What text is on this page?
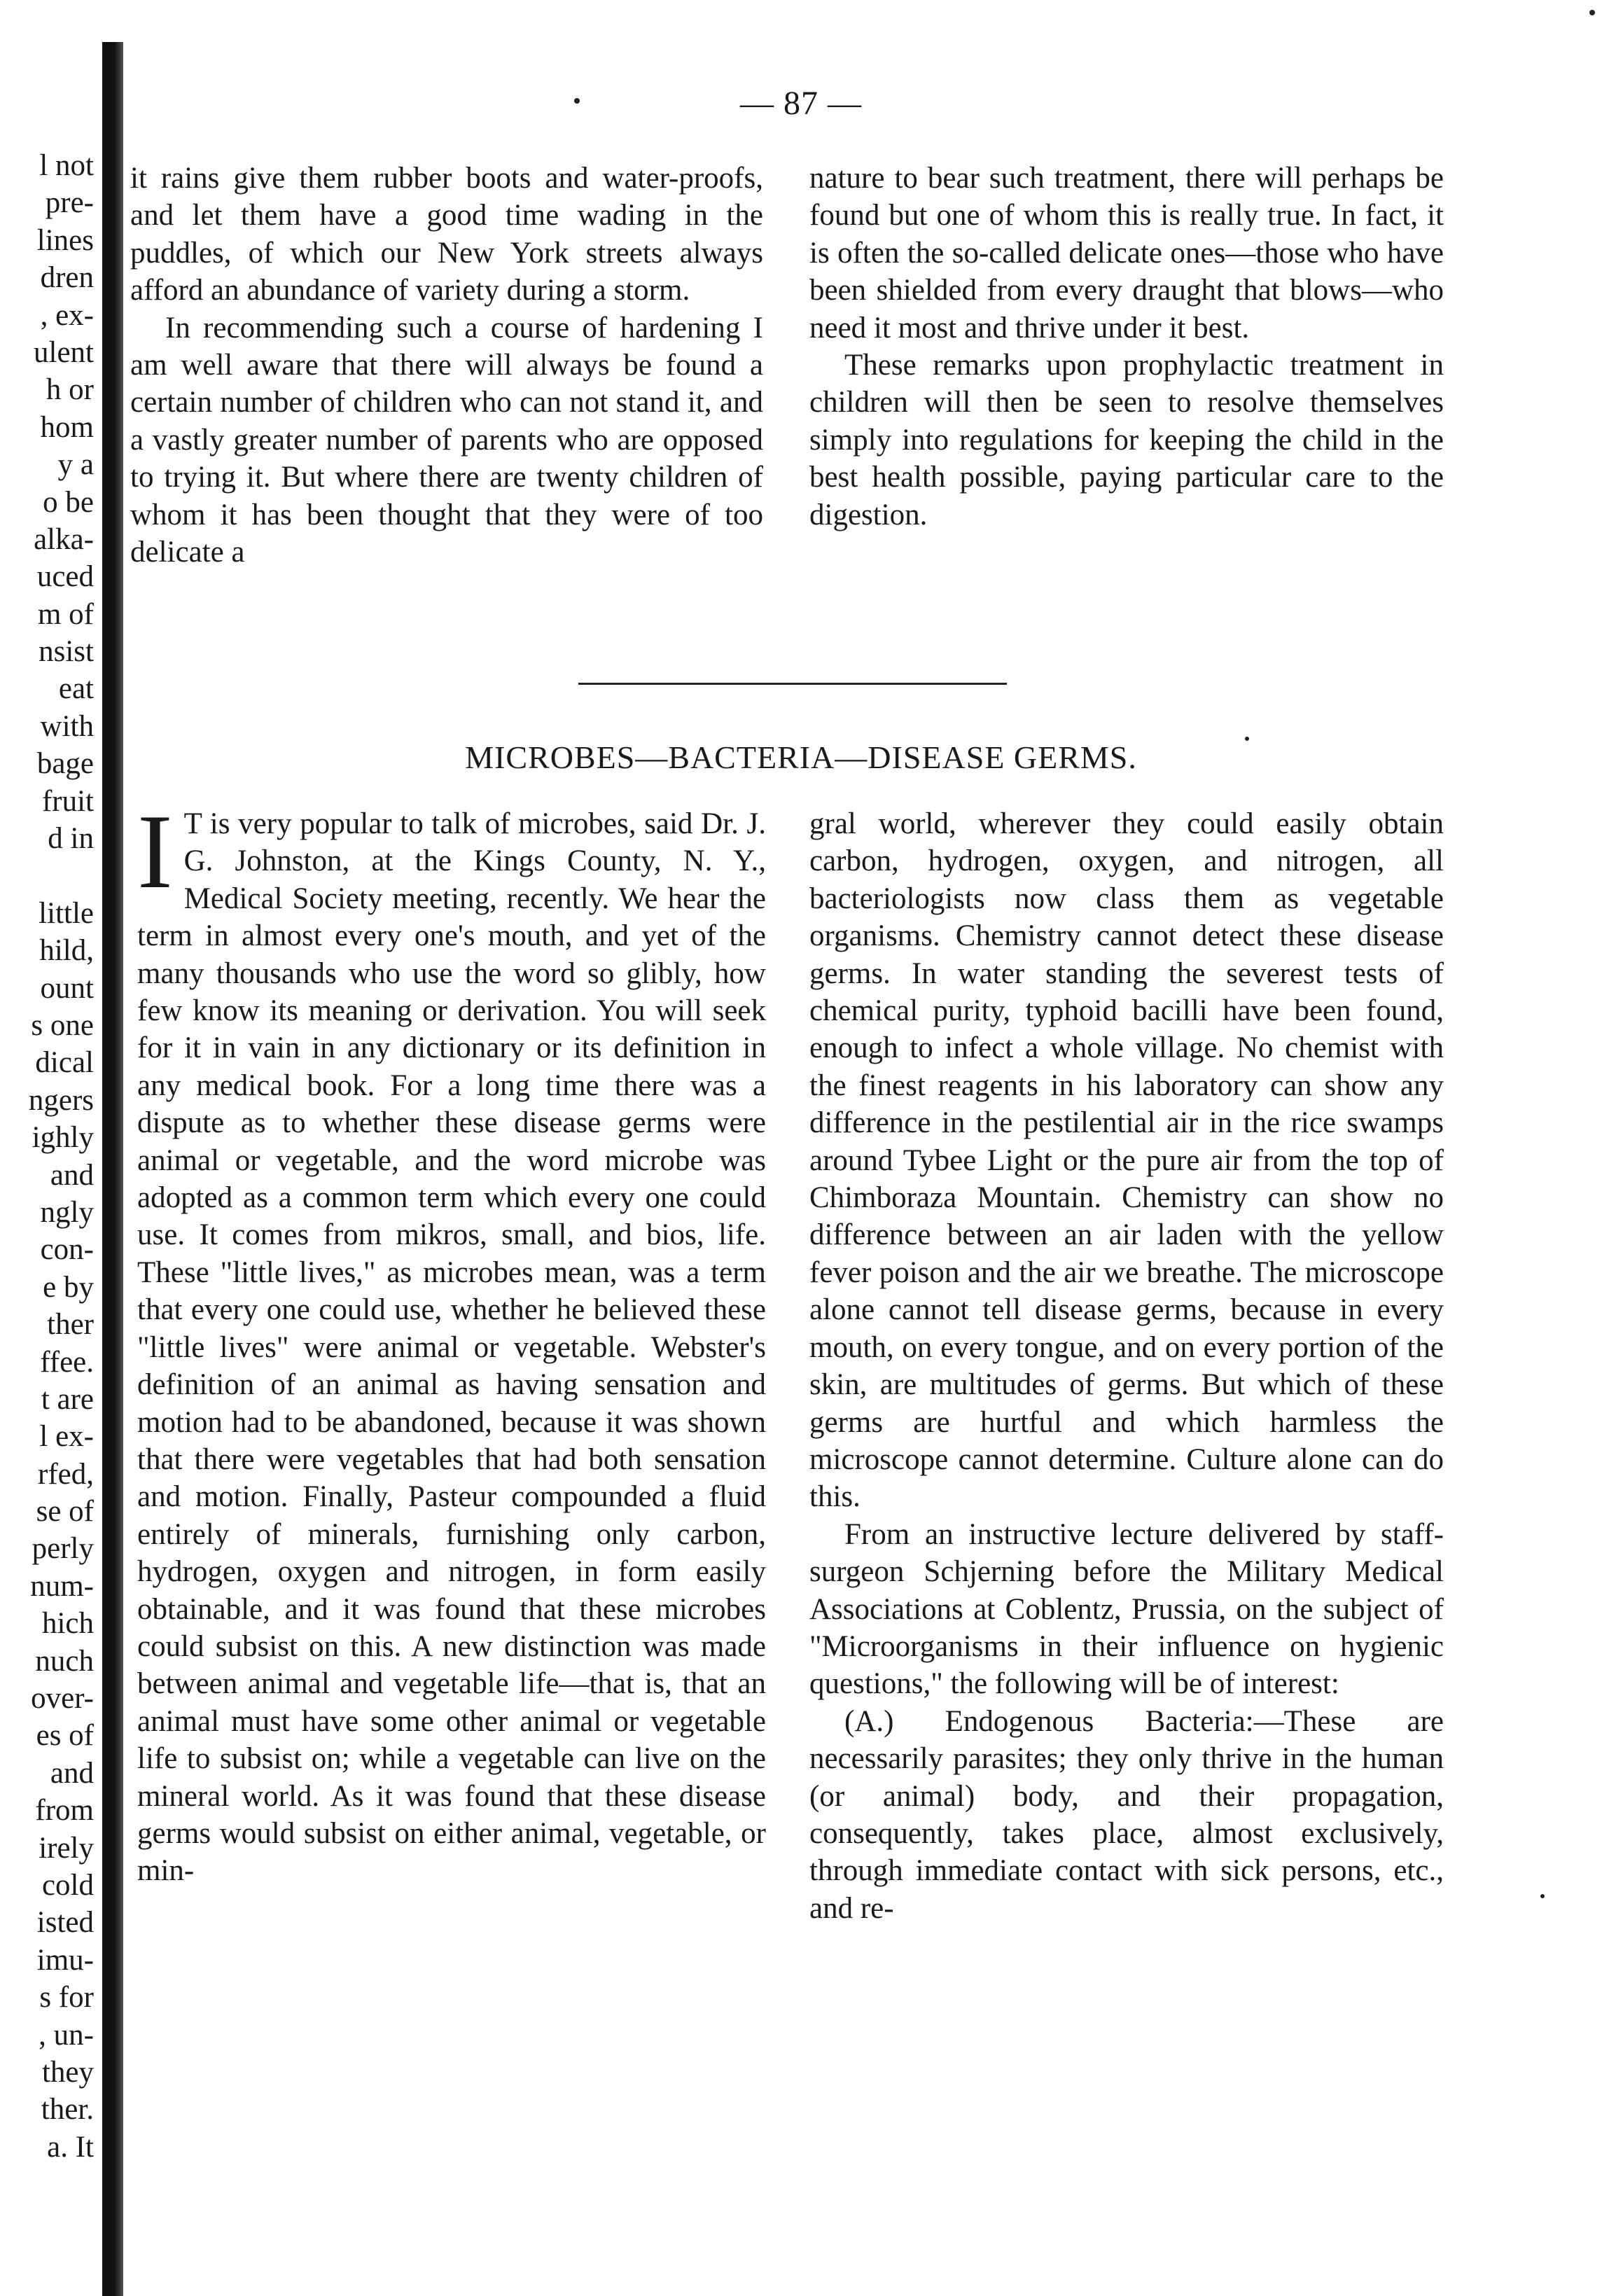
— 87 —
l not
pre-
lines
dren
, ex-
ulent
h or
hom
y a
o be
alka-
uced
m of
nsist
eat
with
bage
fruit
d in

little
hild,
ount
s one
dical
ngers
ighly
and
ngly
con-
e by
ther
ffee.
t are
l ex-
rfed,
se of
perly
num-
hich
nuch
over-
es of
and
from
irely
cold
isted
imu-
s for
, un-
they
ther.
a. It

it rains give them rubber boots and water-proofs, and let them have a good time wading in the puddles, of which our New York streets always afford an abundance of variety during a storm.

In recommending such a course of hardening I am well aware that there will always be found a certain number of children who can not stand it, and a vastly greater number of parents who are opposed to trying it. But where there are twenty children of whom it has been thought that they were of too delicate a

nature to bear such treatment, there will perhaps be found but one of whom this is really true. In fact, it is often the so-called delicate ones—those who have been shielded from every draught that blows—who need it most and thrive under it best.

These remarks upon prophylactic treatment in children will then be seen to resolve themselves simply into regulations for keeping the child in the best health possible, paying particular care to the digestion.

MICROBES—BACTERIA—DISEASE GERMS.

I T is very popular to talk of microbes, said Dr. J. G. Johnston, at the Kings County, N. Y., Medical Society meeting, recently. We hear the term in almost every one's mouth, and yet of the many thousands who use the word so glibly, how few know its meaning or derivation. You will seek for it in vain in any dictionary or its definition in any medical book. For a long time there was a dispute as to whether these disease germs were animal or vegetable, and the word microbe was adopted as a common term which every one could use. It comes from mikros, small, and bios, life. These "little lives," as microbes mean, was a term that every one could use, whether he believed these "little lives" were animal or vegetable. Webster's definition of an animal as having sensation and motion had to be abandoned, because it was shown that there were vegetables that had both sensation and motion. Finally, Pasteur compounded a fluid entirely of minerals, furnishing only carbon, hydrogen, oxygen and nitrogen, in form easily obtainable, and it was found that these microbes could subsist on this. A new distinction was made between animal and vegetable life—that is, that an animal must have some other animal or vegetable life to subsist on; while a vegetable can live on the mineral world. As it was found that these disease germs would subsist on either animal, vegetable, or min-

gral world, wherever they could easily obtain carbon, hydrogen, oxygen, and nitrogen, all bacteriologists now class them as vegetable organisms. Chemistry cannot detect these disease germs. In water standing the severest tests of chemical purity, typhoid bacilli have been found, enough to infect a whole village. No chemist with the finest reagents in his laboratory can show any difference in the pestilential air in the rice swamps around Tybee Light or the pure air from the top of Chimboraza Mountain. Chemistry can show no difference between an air laden with the yellow fever poison and the air we breathe. The microscope alone cannot tell disease germs, because in every mouth, on every tongue, and on every portion of the skin, are multitudes of germs. But which of these germs are hurtful and which harmless the microscope cannot determine. Culture alone can do this.

From an instructive lecture delivered by staff-surgeon Schjerning before the Military Medical Associations at Coblentz, Prussia, on the subject of "Microorganisms in their influence on hygienic questions," the following will be of interest:

(A.) Endogenous Bacteria:—These are necessarily parasites; they only thrive in the human (or animal) body, and their propagation, consequently, takes place, almost exclusively, through immediate contact with sick persons, etc., and re-
